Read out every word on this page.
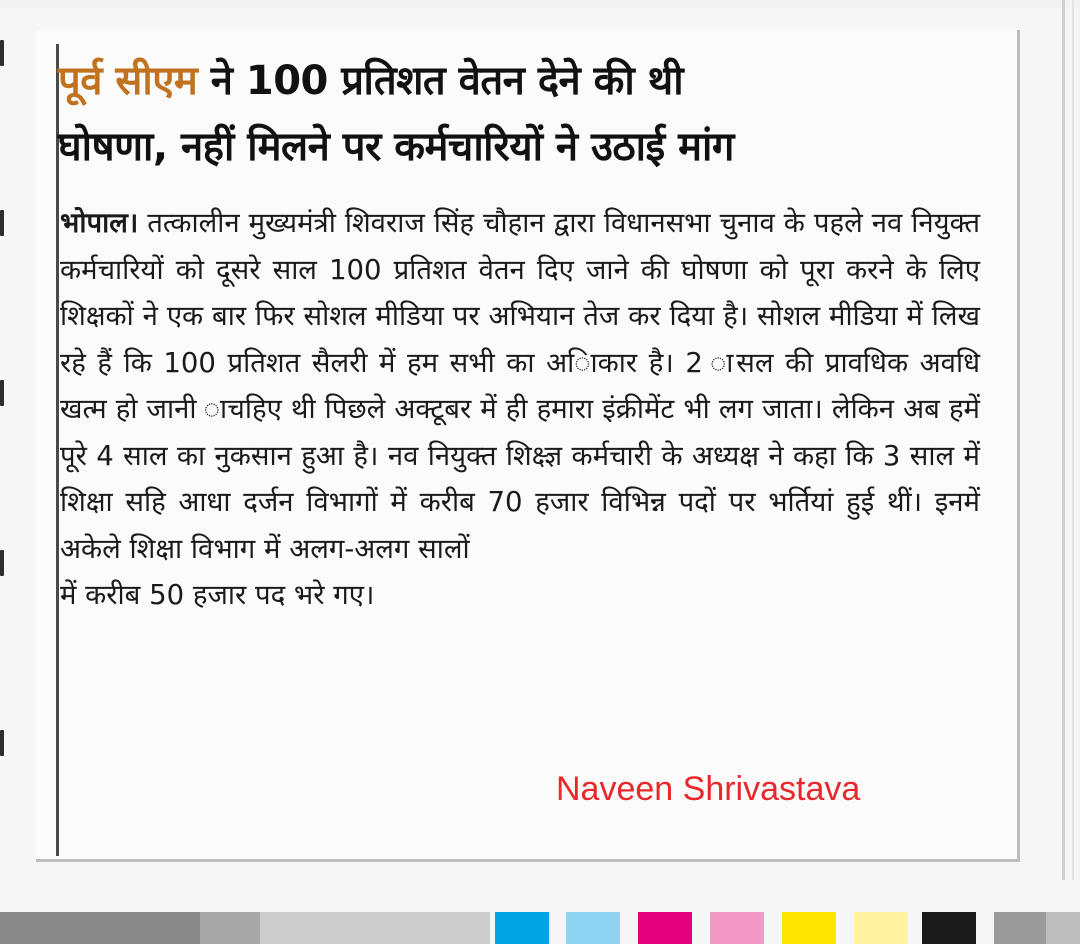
पूर्व सीएम ने 100 प्रतिशत वेतन देने की थी
घोषणा, नहीं मिलने पर कर्मचारियों ने उठाई मांग

भोपाल। तत्कालीन मुख्यमंत्री शिवराज सिंह चौहान द्वारा विधानसभा चुनाव के पहले नव नियुक्त कर्मचारियों को दूसरे साल 100 प्रतिशत वेतन दिए जाने की घोषणा को पूरा करने के लिए शिक्षकों ने एक बार फिर सोशल मीडिया पर अभियान तेज कर दिया है। सोशल मीडिया में लिख रहे हैं कि 100 प्रतिशत सैलरी में हम सभी का अािकार है। 2 ासल की प्रावधिक अवधि खत्म हो जानी ाचहिए थी पिछले अक्टूबर में ही हमारा इंक्रीमेंट भी लग जाता। लेकिन अब हमें पूरे 4 साल का नुकसान हुआ है। नव नियुक्त शिक्ष्ज्ञ कर्मचारी के अध्यक्ष ने कहा कि 3 साल में शिक्षा सहि आधा दर्जन विभागों में करीब 70 हजार विभिन्न पदों पर भर्तियां हुई थीं। इनमें अकेले शिक्षा विभाग में अलग-अलग सालों
में करीब 50 हजार पद भरे गए।

Naveen Shrivastava
